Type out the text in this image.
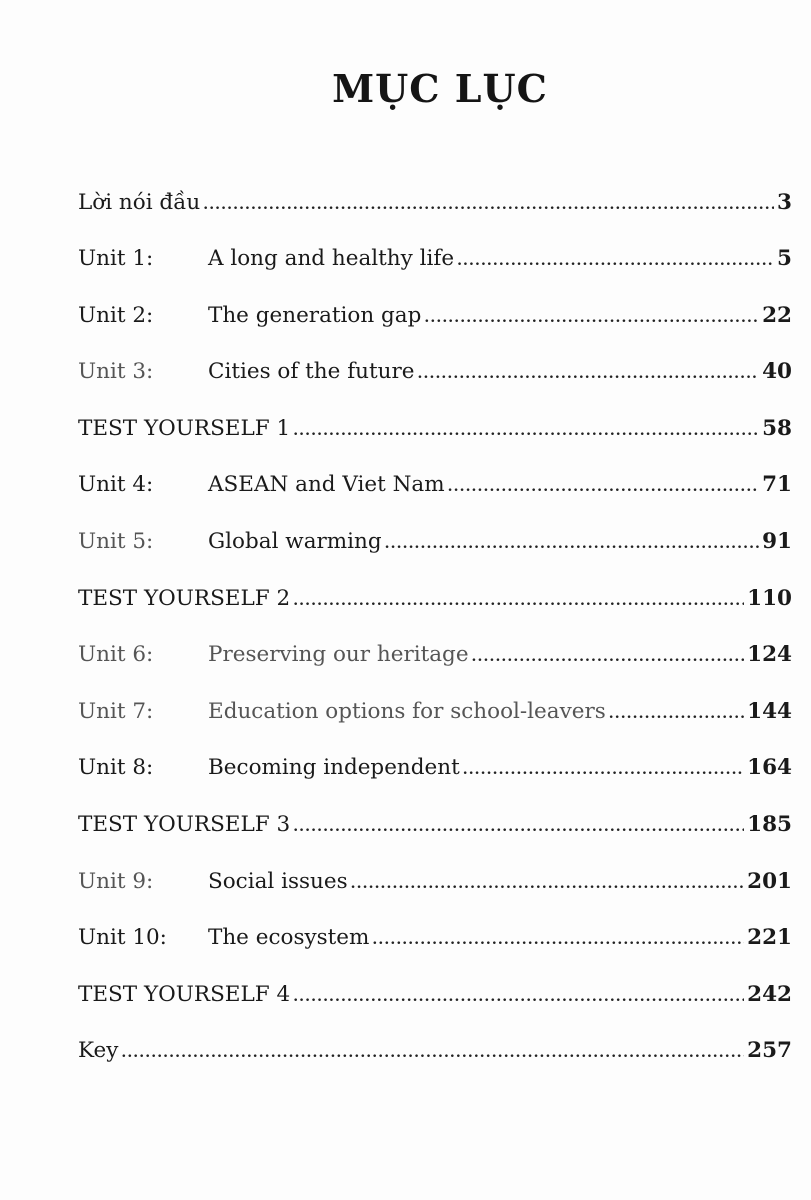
MỤC LỤC
Lời nói đầu .....	3
Unit 1:	A long and healthy life .....	5
Unit 2:	The generation gap .....	22
Unit 3:	Cities of the future .....	40
TEST YOURSELF 1 .....	58
Unit 4:	ASEAN and Viet Nam .....	71
Unit 5:	Global warming .....	91
TEST YOURSELF 2 .....	110
Unit 6:	Preserving our heritage .....	124
Unit 7:	Education options for school-leavers .....	144
Unit 8:	Becoming independent .....	164
TEST YOURSELF 3 .....	185
Unit 9:	Social issues .....	201
Unit 10:	The ecosystem .....	221
TEST YOURSELF 4 .....	242
Key .....	257
